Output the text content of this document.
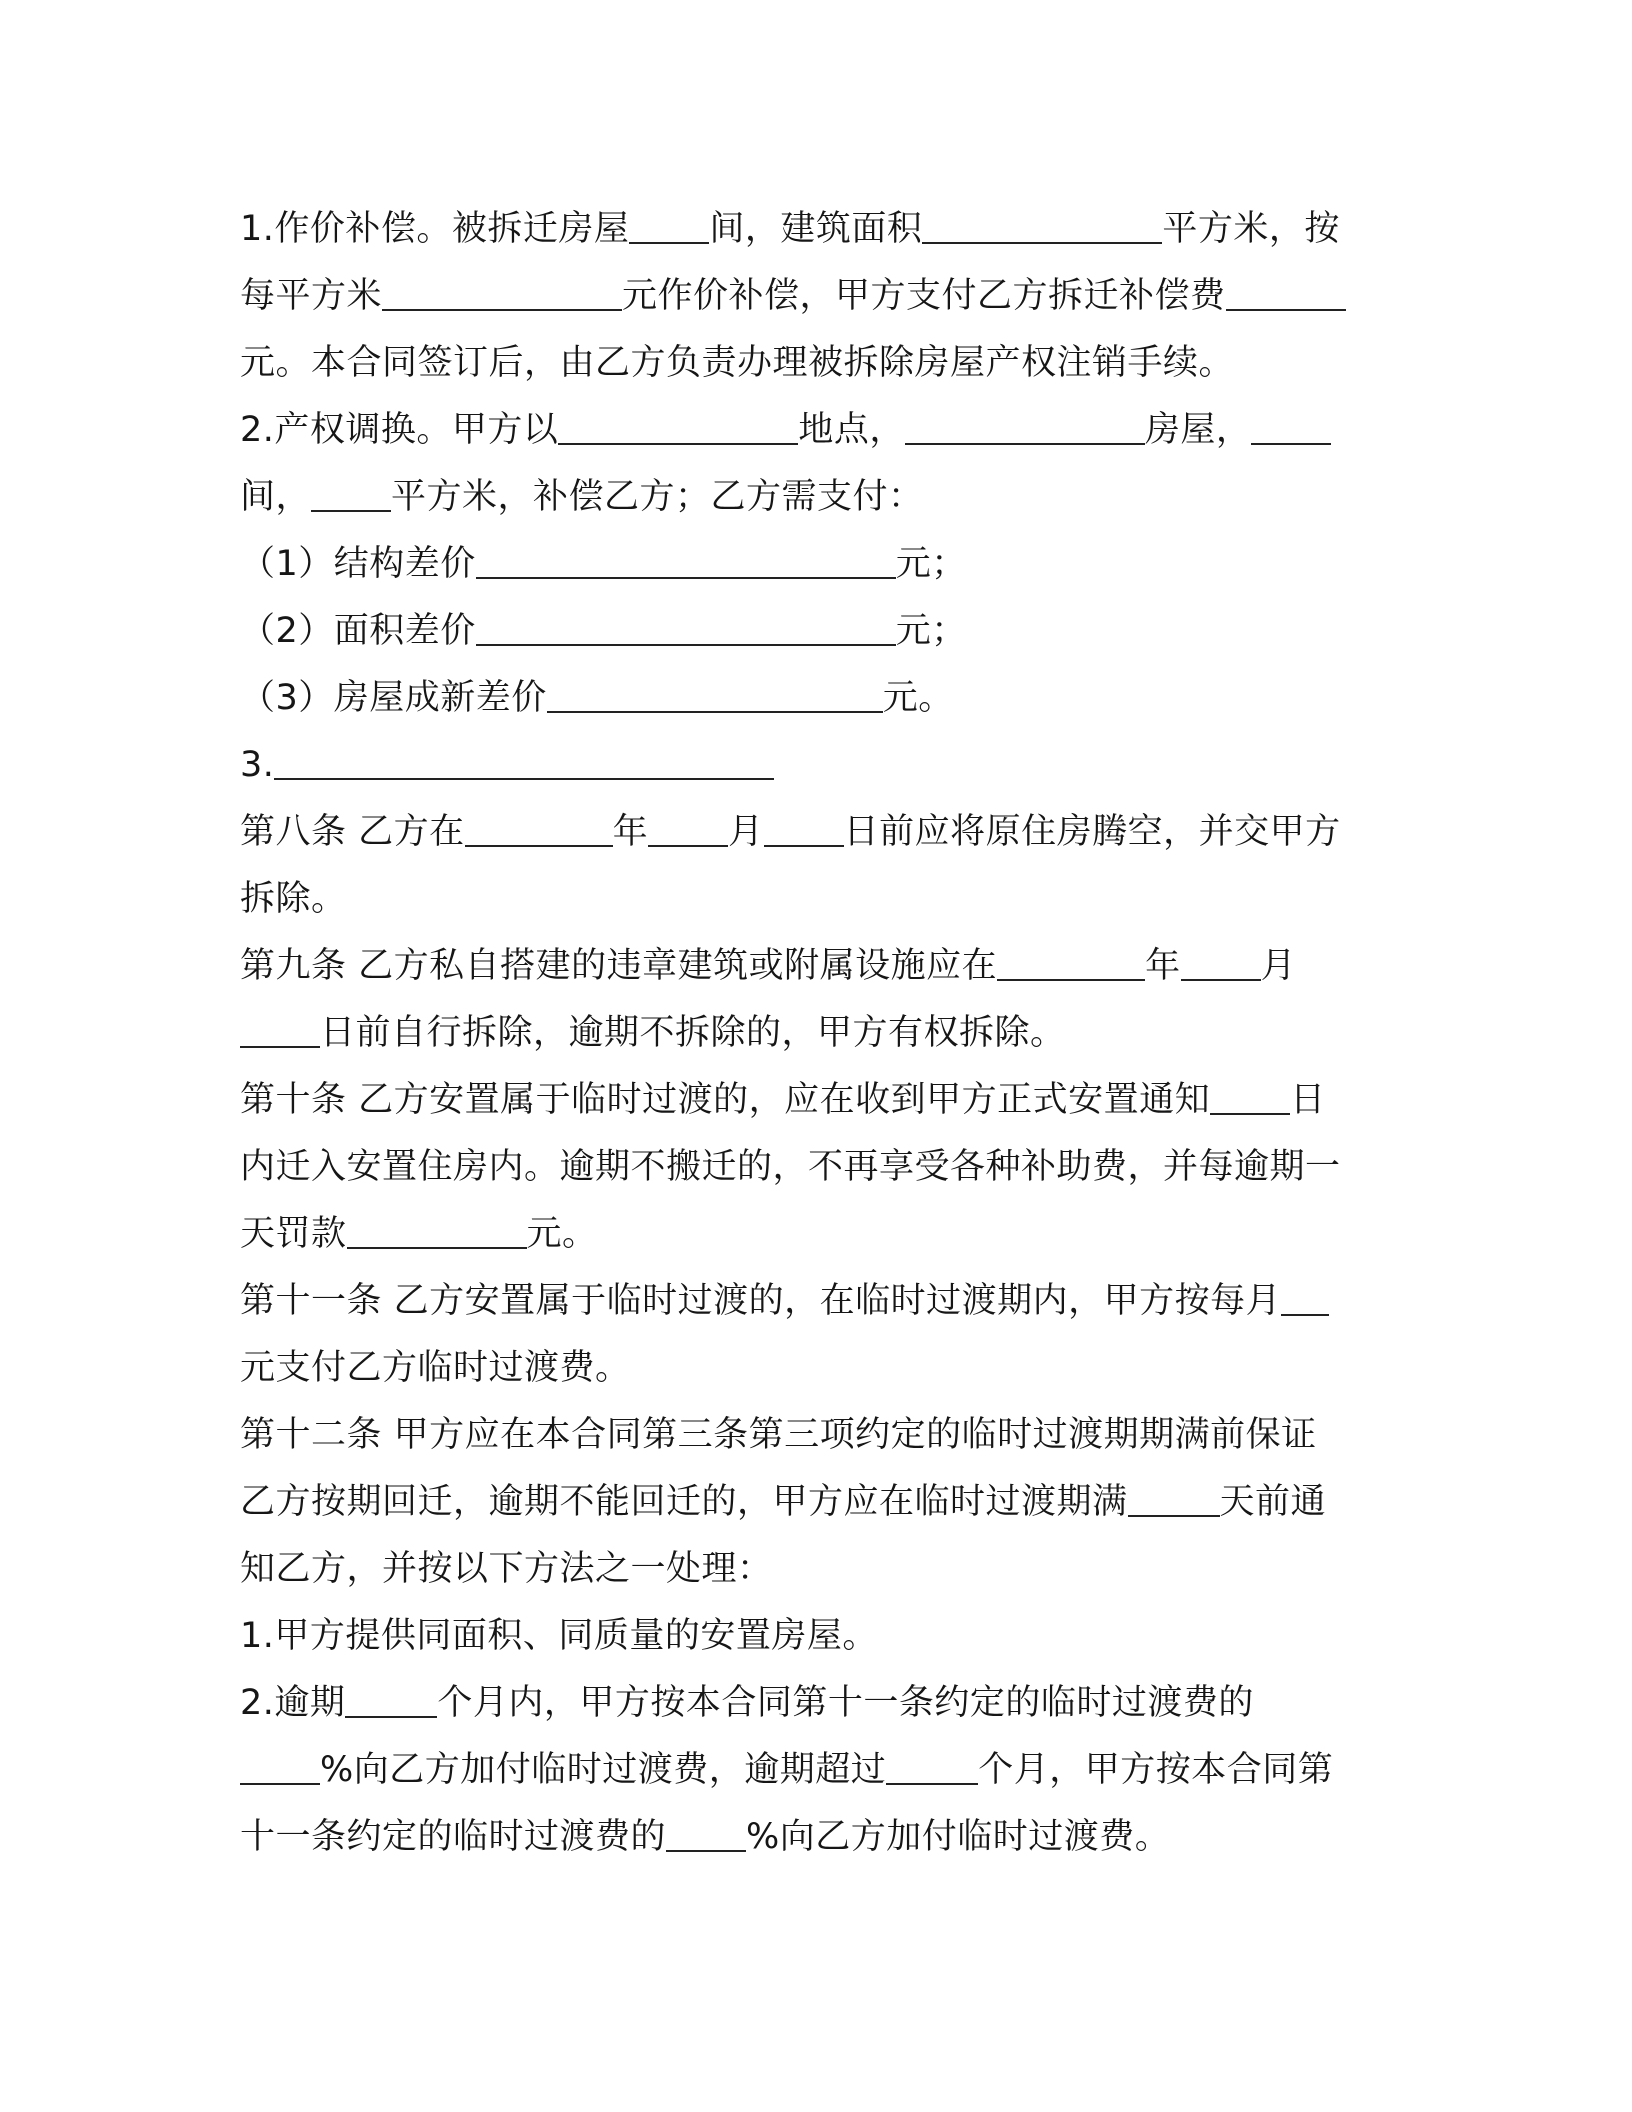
1.作价补偿。被拆迁房屋 间，建筑面积	平方米，按
每平方米	元作价补偿，甲方支付乙方拆迁补偿费
元。本合同签订后，由乙方负责办理被拆除房屋产权注销手续。
2.产权调换。甲方以	地点，	房屋，
间， 平方米，补偿乙方；乙方需支付：
（1）结构差价	元；
（2）面积差价	元；
（3）房屋成新差价	元。
3.
第八条 乙方在	年 月 日前应将原住房腾空，并交甲方
拆除。
第九条 乙方私自搭建的违章建筑或附属设施应在	年 月
日前自行拆除，逾期不拆除的，甲方有权拆除。
第十条 乙方安置属于临时过渡的，应在收到甲方正式安置通知 日
内迁入安置住房内。逾期不搬迁的，不再享受各种补助费，并每逾期一
天罚款	元。
第十一条 乙方安置属于临时过渡的，在临时过渡期内，甲方按每月
元支付乙方临时过渡费。
第十二条 甲方应在本合同第三条第三项约定的临时过渡期期满前保证
乙方按期回迁，逾期不能回迁的，甲方应在临时过渡期满	天前通
知乙方，并按以下方法之一处理：
1.甲方提供同面积、同质量的安置房屋。
2.逾期	个月内，甲方按本合同第十一条约定的临时过渡费的
%向乙方加付临时过渡费，逾期超过	个月，甲方按本合同第
十一条约定的临时过渡费的 %向乙方加付临时过渡费。
